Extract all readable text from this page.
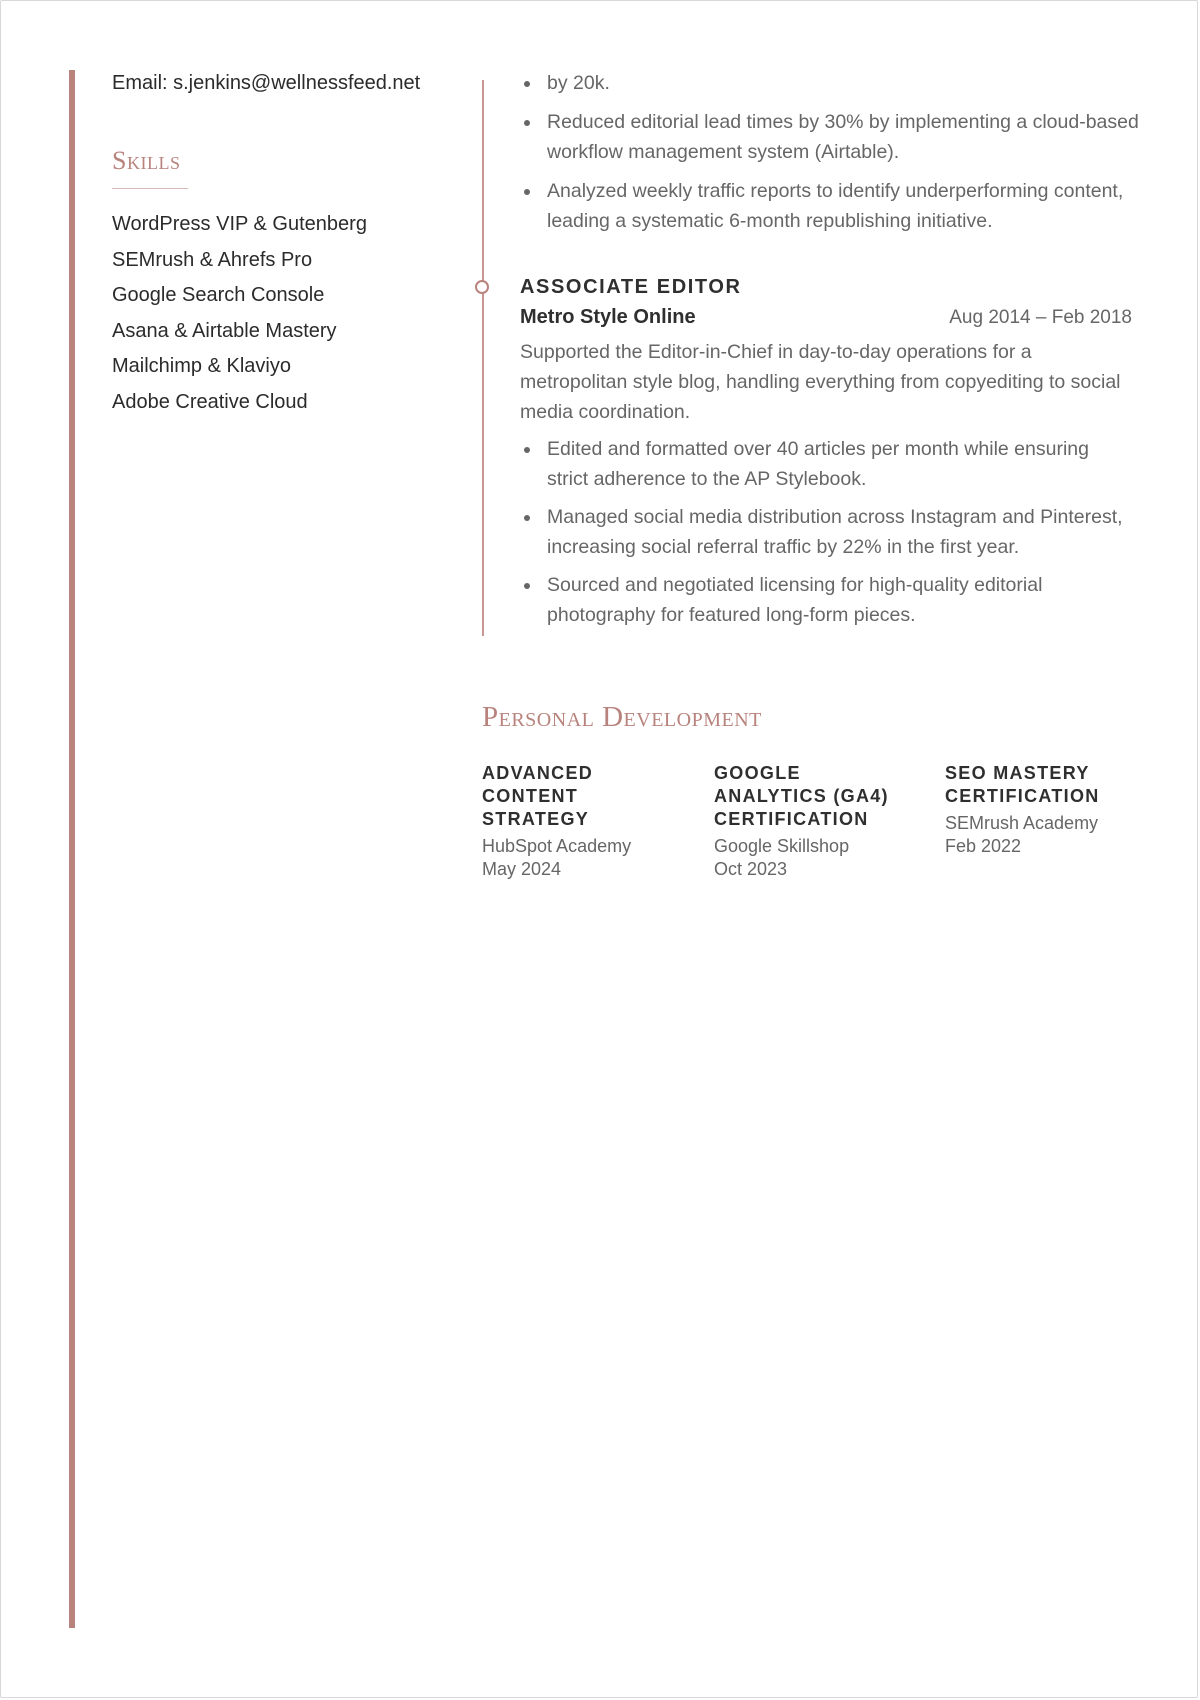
Email: s.jenkins@wellnessfeed.net

Skills
WordPress VIP & Gutenberg
SEMrush & Ahrefs Pro
Google Search Console
Asana & Airtable Mastery
Mailchimp & Klaviyo
Adobe Creative Cloud
by 20k.
Reduced editorial lead times by 30% by implementing a cloud-based workflow management system (Airtable).
Analyzed weekly traffic reports to identify underperforming content, leading a systematic 6-month republishing initiative.
ASSOCIATE EDITOR
Metro Style Online	Aug 2014 – Feb 2018

Supported the Editor-in-Chief in day-to-day operations for a metropolitan style blog, handling everything from copyediting to social media coordination.

Edited and formatted over 40 articles per month while ensuring strict adherence to the AP Stylebook.
Managed social media distribution across Instagram and Pinterest, increasing social referral traffic by 22% in the first year.
Sourced and negotiated licensing for high-quality editorial photography for featured long-form pieces.
Personal Development

ADVANCED CONTENT STRATEGY

HubSpot Academy

May 2024

GOOGLE ANALYTICS (GA4) CERTIFICATION

Google Skillshop

Oct 2023

SEO MASTERY CERTIFICATION

SEMrush Academy

Feb 2022
